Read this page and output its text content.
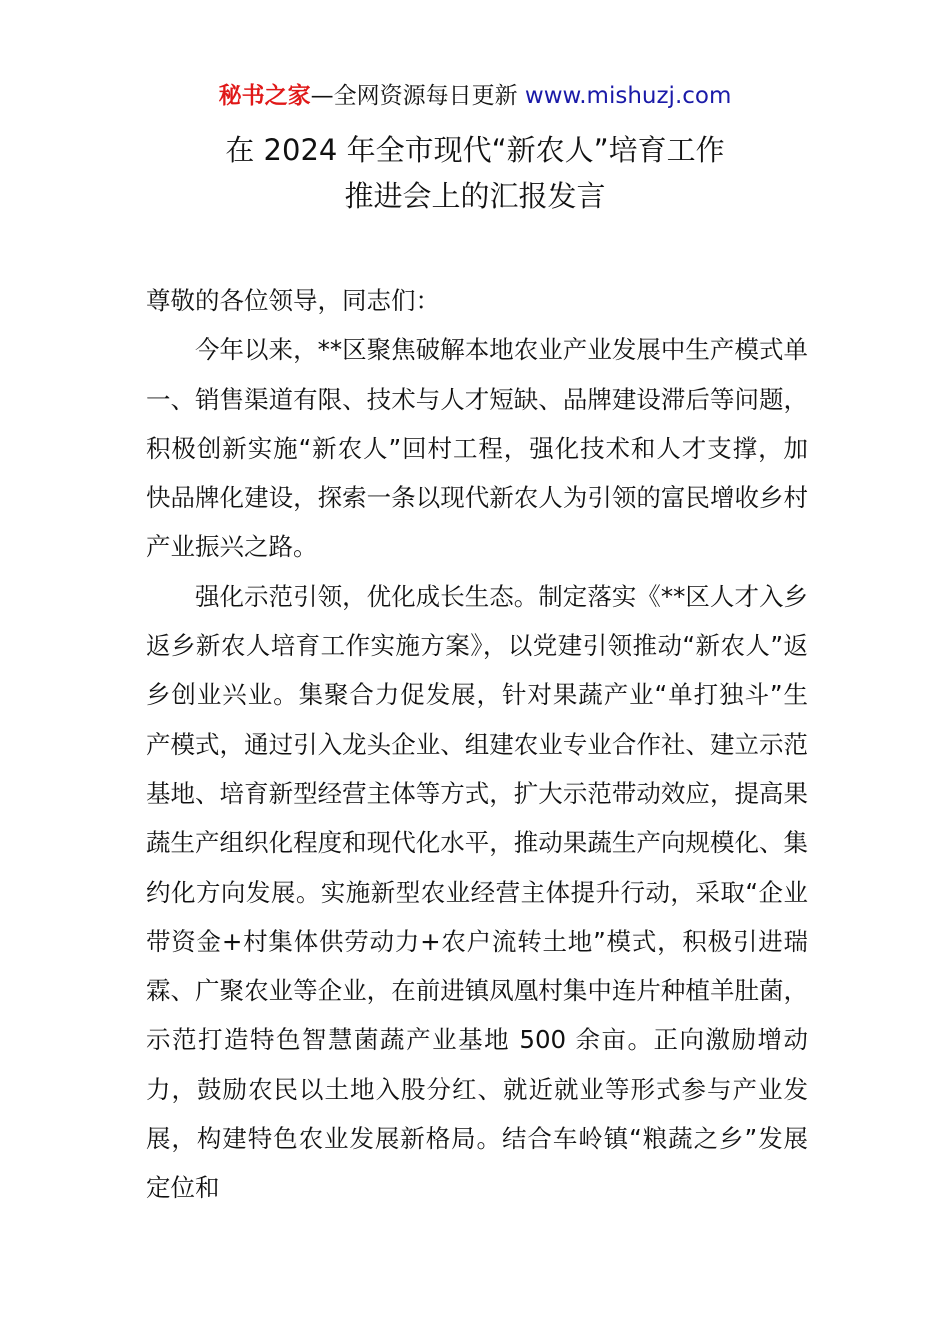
秘书之家—全网资源每日更新 www.mishuzj.com
在 2024 年全市现代“新农人”培育工作
推进会上的汇报发言

尊敬的各位领导，同志们：

今年以来，**区聚焦破解本地农业产业发展中生产模式单一、销售渠道有限、技术与人才短缺、品牌建设滞后等问题，积极创新实施“新农人”回村工程，强化技术和人才支撑，加快品牌化建设，探索一条以现代新农人为引领的富民增收乡村产业振兴之路。

强化示范引领，优化成长生态。制定落实《**区人才入乡返乡新农人培育工作实施方案》，以党建引领推动“新农人”返乡创业兴业。集聚合力促发展，针对果蔬产业“单打独斗”生产模式，通过引入龙头企业、组建农业专业合作社、建立示范基地、培育新型经营主体等方式，扩大示范带动效应，提高果蔬生产组织化程度和现代化水平，推动果蔬生产向规模化、集约化方向发展。实施新型农业经营主体提升行动，采取“企业带资金+村集体供劳动力+农户流转土地”模式，积极引进瑞霖、广聚农业等企业，在前进镇凤凰村集中连片种植羊肚菌，示范打造特色智慧菌蔬产业基地 500 余亩。正向激励增动力，鼓励农民以土地入股分红、就近就业等形式参与产业发展，构建特色农业发展新格局。结合车岭镇“粮蔬之乡”发展定位和
